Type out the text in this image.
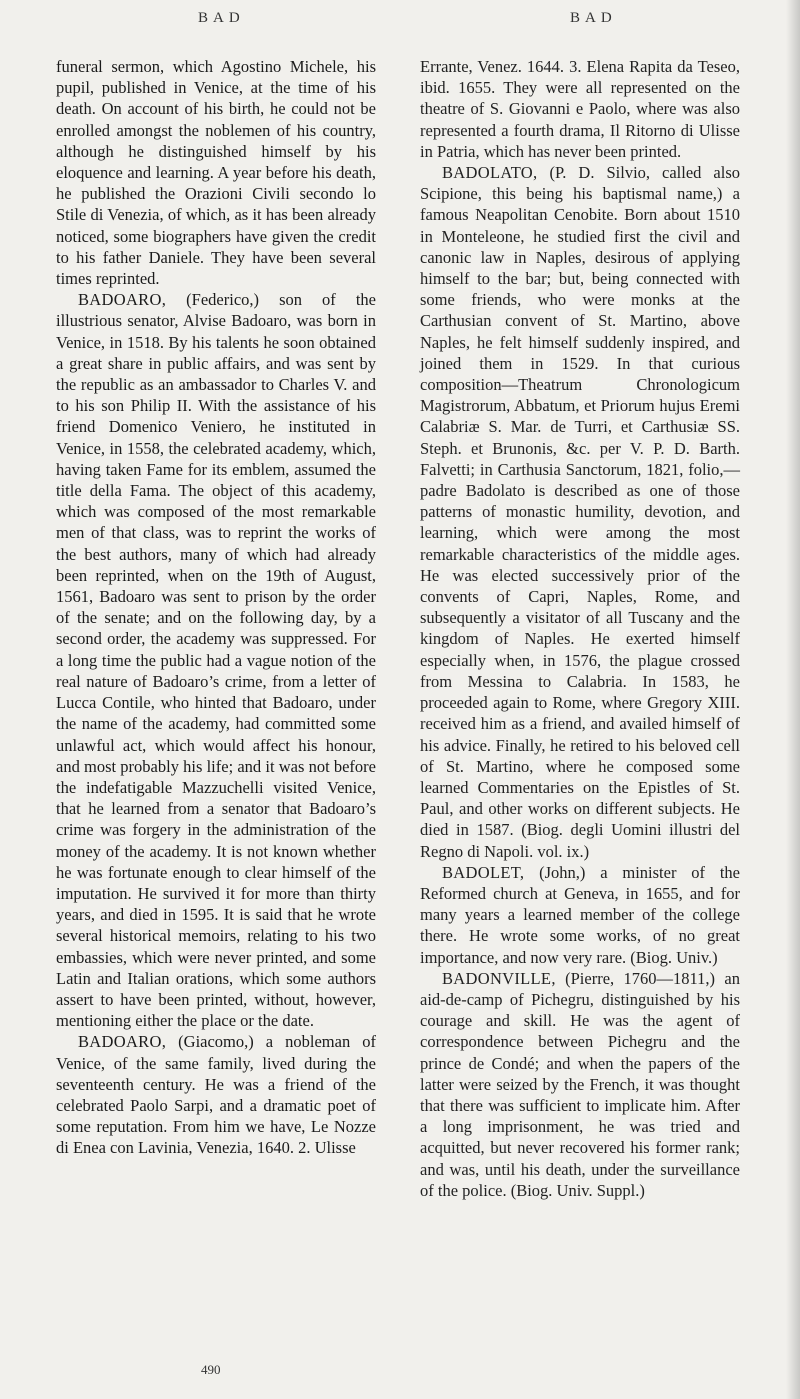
BAD	BAD

funeral sermon, which Agostino Michele, his pupil, published in Venice, at the time of his death. On account of his birth, he could not be enrolled amongst the noblemen of his country, although he distinguished himself by his eloquence and learning. A year before his death, he published the Orazioni Civili secondo lo Stile di Venezia, of which, as it has been already noticed, some biographers have given the credit to his father Daniele. They have been several times reprinted.

BADOARO, (Federico,) son of the illustrious senator, Alvise Badoaro, was born in Venice, in 1518. By his talents he soon obtained a great share in public affairs, and was sent by the republic as an ambassador to Charles V. and to his son Philip II. With the assistance of his friend Domenico Veniero, he instituted in Venice, in 1558, the celebrated academy, which, having taken Fame for its emblem, assumed the title della Fama. The object of this academy, which was composed of the most remarkable men of that class, was to reprint the works of the best authors, many of which had already been reprinted, when on the 19th of August, 1561, Badoaro was sent to prison by the order of the senate; and on the following day, by a second order, the academy was suppressed. For a long time the public had a vague notion of the real nature of Badoaro’s crime, from a letter of Lucca Contile, who hinted that Badoaro, under the name of the academy, had committed some unlawful act, which would affect his honour, and most probably his life; and it was not before the indefatigable Mazzuchelli visited Venice, that he learned from a senator that Badoaro’s crime was forgery in the administration of the money of the academy. It is not known whether he was fortunate enough to clear himself of the imputation. He survived it for more than thirty years, and died in 1595. It is said that he wrote several historical memoirs, relating to his two embassies, which were never printed, and some Latin and Italian orations, which some authors assert to have been printed, without, however, mentioning either the place or the date.

BADOARO, (Giacomo,) a nobleman of Venice, of the same family, lived during the seventeenth century. He was a friend of the celebrated Paolo Sarpi, and a dramatic poet of some reputation. From him we have, Le Nozze di Enea con Lavinia, Venezia, 1640. 2. Ulisse

Errante, Venez. 1644. 3. Elena Rapita da Teseo, ibid. 1655. They were all represented on the theatre of S. Giovanni e Paolo, where was also represented a fourth drama, Il Ritorno di Ulisse in Patria, which has never been printed.

BADOLATO, (P. D. Silvio, called also Scipione, this being his baptismal name,) a famous Neapolitan Cenobite. Born about 1510 in Monteleone, he studied first the civil and canonic law in Naples, desirous of applying himself to the bar; but, being connected with some friends, who were monks at the Carthusian convent of St. Martino, above Naples, he felt himself suddenly inspired, and joined them in 1529. In that curious composition—Theatrum Chronologicum Magistrorum, Abbatum, et Priorum hujus Eremi Calabriæ S. Mar. de Turri, et Carthusiæ SS. Steph. et Brunonis, &c. per V. P. D. Barth. Falvetti; in Carthusia Sanctorum, 1821, folio,—padre Badolato is described as one of those patterns of monastic humility, devotion, and learning, which were among the most remarkable characteristics of the middle ages. He was elected successively prior of the convents of Capri, Naples, Rome, and subsequently a visitator of all Tuscany and the kingdom of Naples. He exerted himself especially when, in 1576, the plague crossed from Messina to Calabria. In 1583, he proceeded again to Rome, where Gregory XIII. received him as a friend, and availed himself of his advice. Finally, he retired to his beloved cell of St. Martino, where he composed some learned Commentaries on the Epistles of St. Paul, and other works on different subjects. He died in 1587. (Biog. degli Uomini illustri del Regno di Napoli. vol. ix.)

BADOLET, (John,) a minister of the Reformed church at Geneva, in 1655, and for many years a learned member of the college there. He wrote some works, of no great importance, and now very rare. (Biog. Univ.)

BADONVILLE, (Pierre, 1760—1811,) an aid-de-camp of Pichegru, distinguished by his courage and skill. He was the agent of correspondence between Pichegru and the prince de Condé; and when the papers of the latter were seized by the French, it was thought that there was sufficient to implicate him. After a long imprisonment, he was tried and acquitted, but never recovered his former rank; and was, until his death, under the surveillance of the police. (Biog. Univ. Suppl.)

490
